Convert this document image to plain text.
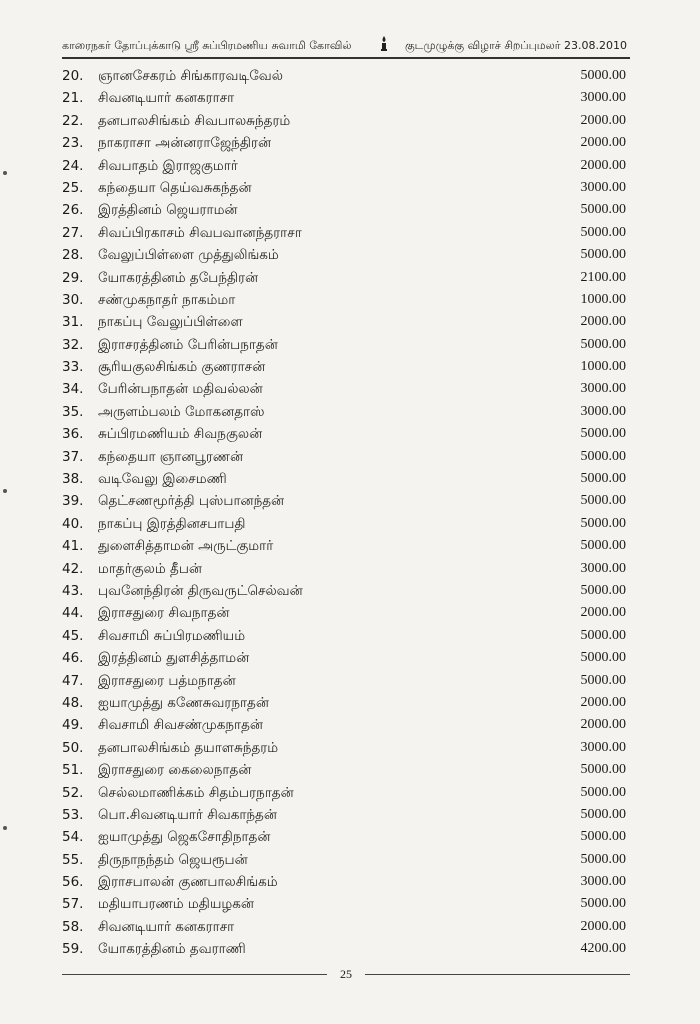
காரைநகர் தோப்புக்காடு ஸ்ரீ சுப்பிரமணிய சுவாமி கோவில்	குடமுழுக்கு விழாச் சிறப்புமலர் 23.08.2010
20.	ஞானசேகரம் சிங்காரவடிவேல்	5000.00
21.	சிவனடியார் கனகராசா	3000.00
22.	தனபாலசிங்கம் சிவபாலசுந்தரம்	2000.00
23.	நாகராசா அன்னராஜேந்திரன்	2000.00
24.	சிவபாதம் இராஜகுமார்	2000.00
25.	கந்தையா தெய்வசுகந்தன்	3000.00
26.	இரத்தினம் ஜெயராமன்	5000.00
27.	சிவப்பிரகாசம் சிவபவானந்தராசா	5000.00
28.	வேலுப்பிள்ளை முத்துலிங்கம்	5000.00
29.	யோகரத்தினம் தபேந்திரன்	2100.00
30.	சண்முகநாதர் நாகம்மா	1000.00
31.	நாகப்பு வேலுப்பிள்ளை	2000.00
32.	இராசரத்தினம் பேரின்பநாதன்	5000.00
33.	சூரியகுலசிங்கம் குணராசன்	1000.00
34.	பேரின்பநாதன் மதிவல்லன்	3000.00
35.	அருளம்பலம் மோகனதாஸ்	3000.00
36.	சுப்பிரமணியம் சிவநகுலன்	5000.00
37.	கந்தையா ஞானபூரணன்	5000.00
38.	வடிவேலு இசைமணி	5000.00
39.	தெட்சணமூர்த்தி புஸ்பானந்தன்	5000.00
40.	நாகப்பு இரத்தினசபாபதி	5000.00
41.	துளைசித்தாமன் அருட்குமார்	5000.00
42.	மாதர்குலம் தீபன்	3000.00
43.	புவனேந்திரன் திருவருட்செல்வன்	5000.00
44.	இராசதுரை சிவநாதன்	2000.00
45.	சிவசாமி சுப்பிரமணியம்	5000.00
46.	இரத்தினம் துளசித்தாமன்	5000.00
47.	இராசதுரை பத்மநாதன்	5000.00
48.	ஐயாமுத்து கணேசுவரநாதன்	2000.00
49.	சிவசாமி சிவசண்முகநாதன்	2000.00
50.	தனபாலசிங்கம் தயாளசுந்தரம்	3000.00
51.	இராசதுரை கைலைநாதன்	5000.00
52.	செல்லமாணிக்கம் சிதம்பரநாதன்	5000.00
53.	பொ.சிவனடியார் சிவகாந்தன்	5000.00
54.	ஐயாமுத்து ஜெகசோதிநாதன்	5000.00
55.	திருநாநந்தம் ஜெயரூபன்	5000.00
56.	இராசபாலன் குணபாலசிங்கம்	3000.00
57.	மதியாபரணம் மதியழகன்	5000.00
58.	சிவனடியார் கனகராசா	2000.00
59.	யோகரத்தினம் தவராணி	4200.00
25
